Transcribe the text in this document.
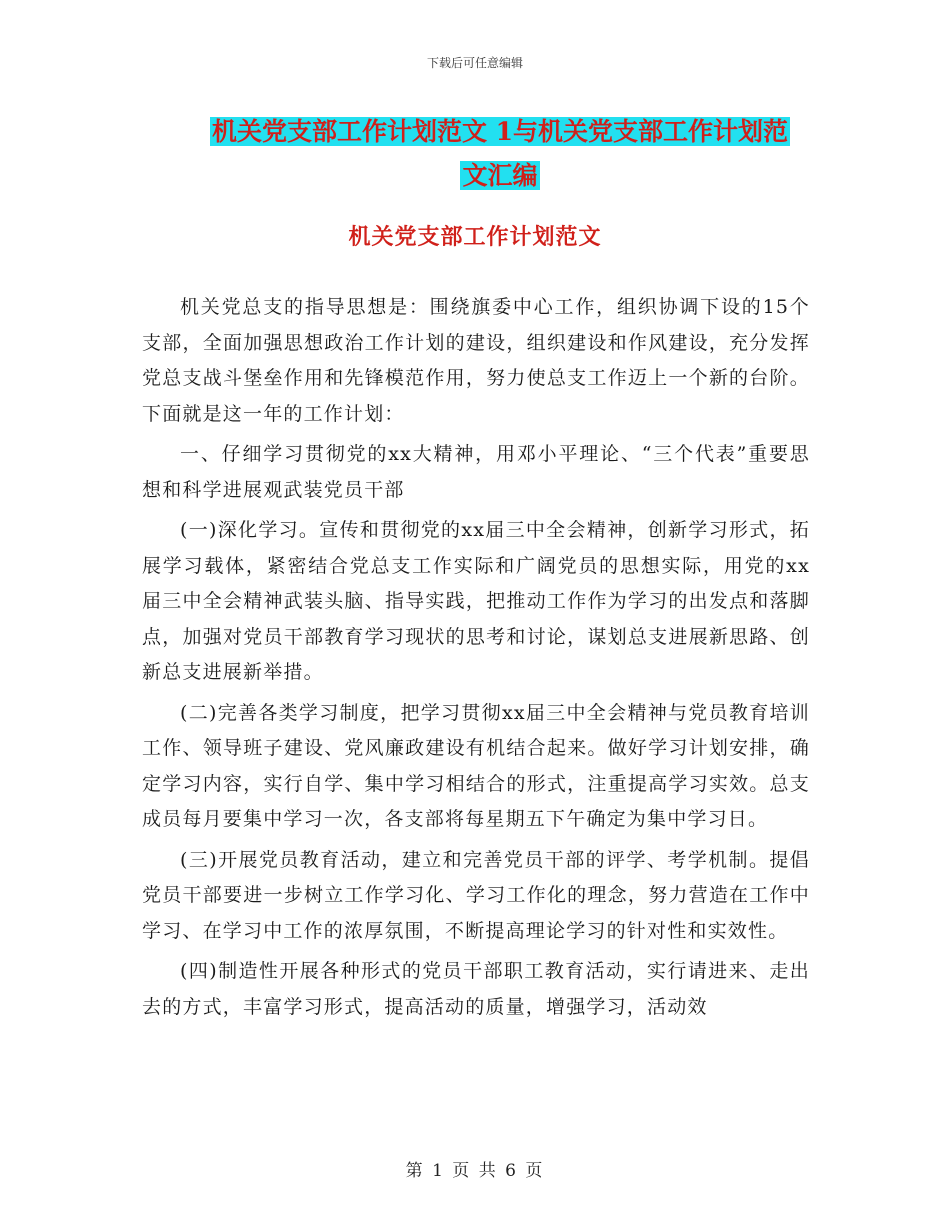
下载后可任意编辑
机关党支部工作计划范文 1与机关党支部工作计划范
文汇编
机关党支部工作计划范文

机关党总支的指导思想是：围绕旗委中心工作，组织协调下设的15个支部，全面加强思想政治工作计划的建设，组织建设和作风建设，充分发挥党总支战斗堡垒作用和先锋模范作用，努力使总支工作迈上一个新的台阶。下面就是这一年的工作计划：

一、仔细学习贯彻党的xx大精神，用邓小平理论、“三个代表”重要思想和科学进展观武装党员干部

(一)深化学习。宣传和贯彻党的xx届三中全会精神，创新学习形式，拓展学习载体，紧密结合党总支工作实际和广阔党员的思想实际，用党的xx届三中全会精神武装头脑、指导实践，把推动工作作为学习的出发点和落脚点，加强对党员干部教育学习现状的思考和讨论，谋划总支进展新思路、创新总支进展新举措。

(二)完善各类学习制度，把学习贯彻xx届三中全会精神与党员教育培训工作、领导班子建设、党风廉政建设有机结合起来。做好学习计划安排，确定学习内容，实行自学、集中学习相结合的形式，注重提高学习实效。总支成员每月要集中学习一次，各支部将每星期五下午确定为集中学习日。

(三)开展党员教育活动，建立和完善党员干部的评学、考学机制。提倡党员干部要进一步树立工作学习化、学习工作化的理念，努力营造在工作中学习、在学习中工作的浓厚氛围，不断提高理论学习的针对性和实效性。

(四)制造性开展各种形式的党员干部职工教育活动，实行请进来、走出去的方式，丰富学习形式，提高活动的质量，增强学习，活动效

第 1 页 共 6 页
